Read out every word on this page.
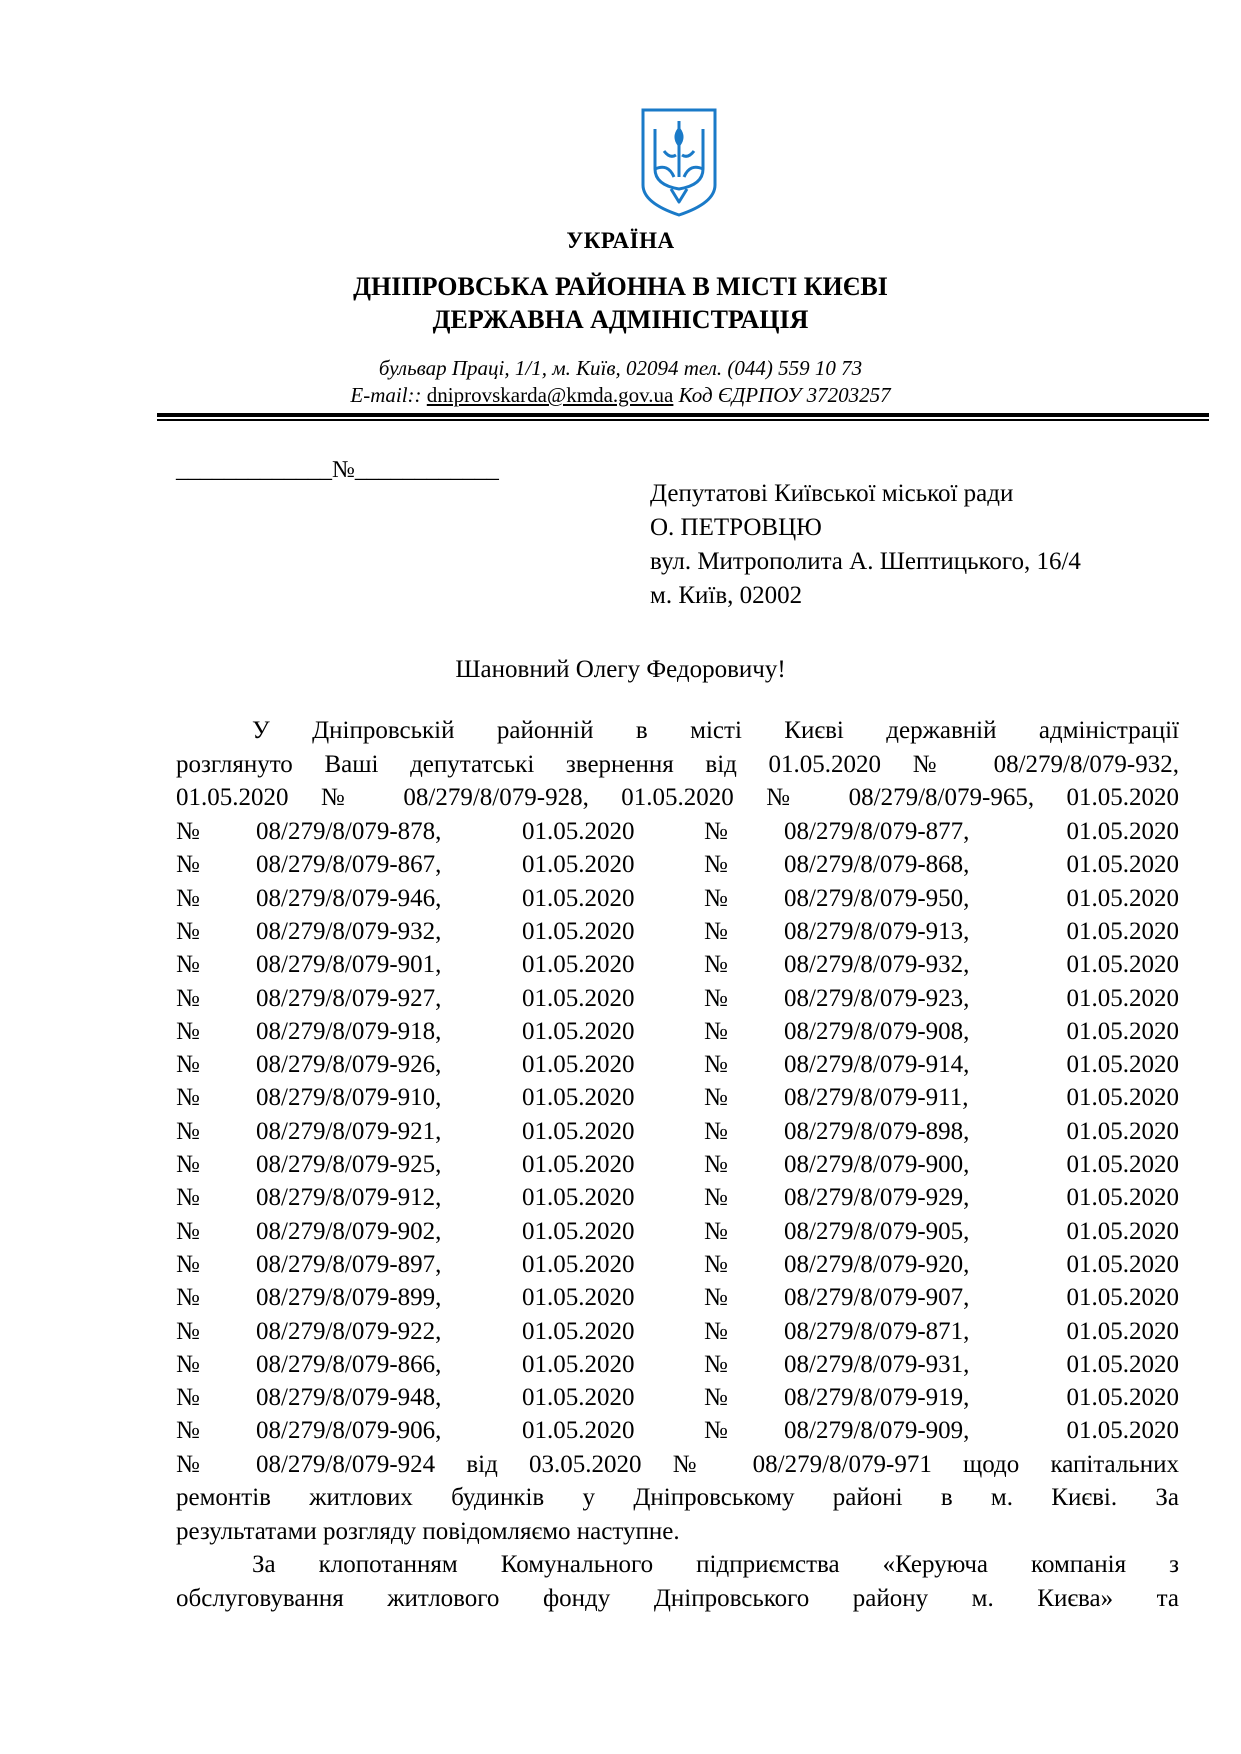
УКРАЇНА
ДНІПРОВСЬКА РАЙОННА В МІСТІ КИЄВІ
ДЕРЖАВНА АДМІНІСТРАЦІЯ
бульвар Праці, 1/1, м. Київ, 02094 тел. (044) 559 10 73
E-mail:: dniprovskarda@kmda.gov.ua Код ЄДРПОУ 37203257
_____________№____________
Депутатові Київської міської ради
О. ПЕТРОВЦЮ
вул. Митрополита А. Шептицького, 16/4
м. Київ, 02002
Шановний Олегу Федоровичу!
У Дніпровській районній в місті Києві державній адміністрації
розглянуто Ваші депутатські звернення від 01.05.2020 № 08/279/8/079-932,
01.05.2020 № 08/279/8/079-928, 01.05.2020 № 08/279/8/079-965, 01.05.2020
№ 08/279/8/079-878,	01.05.2020	№ 08/279/8/079-877,	01.05.2020
№ 08/279/8/079-867,	01.05.2020	№ 08/279/8/079-868,	01.05.2020
№ 08/279/8/079-946,	01.05.2020	№ 08/279/8/079-950,	01.05.2020
№ 08/279/8/079-932,	01.05.2020	№ 08/279/8/079-913,	01.05.2020
№ 08/279/8/079-901,	01.05.2020	№ 08/279/8/079-932,	01.05.2020
№ 08/279/8/079-927,	01.05.2020	№ 08/279/8/079-923,	01.05.2020
№ 08/279/8/079-918,	01.05.2020	№ 08/279/8/079-908,	01.05.2020
№ 08/279/8/079-926,	01.05.2020	№ 08/279/8/079-914,	01.05.2020
№ 08/279/8/079-910,	01.05.2020	№ 08/279/8/079-911,	01.05.2020
№ 08/279/8/079-921,	01.05.2020	№ 08/279/8/079-898,	01.05.2020
№ 08/279/8/079-925,	01.05.2020	№ 08/279/8/079-900,	01.05.2020
№ 08/279/8/079-912,	01.05.2020	№ 08/279/8/079-929,	01.05.2020
№ 08/279/8/079-902,	01.05.2020	№ 08/279/8/079-905,	01.05.2020
№ 08/279/8/079-897,	01.05.2020	№ 08/279/8/079-920,	01.05.2020
№ 08/279/8/079-899,	01.05.2020	№ 08/279/8/079-907,	01.05.2020
№ 08/279/8/079-922,	01.05.2020	№ 08/279/8/079-871,	01.05.2020
№ 08/279/8/079-866,	01.05.2020	№ 08/279/8/079-931,	01.05.2020
№ 08/279/8/079-948,	01.05.2020	№ 08/279/8/079-919,	01.05.2020
№ 08/279/8/079-906,	01.05.2020	№ 08/279/8/079-909,	01.05.2020
№ 08/279/8/079-924 від 03.05.2020 № 08/279/8/079-971 щодо капітальних
ремонтів житлових будинків у Дніпровському районі в м. Києві. За
результатами розгляду повідомляємо наступне.
За клопотанням Комунального підприємства «Керуюча компанія з
обслуговування житлового фонду Дніпровського району м. Києва» та
